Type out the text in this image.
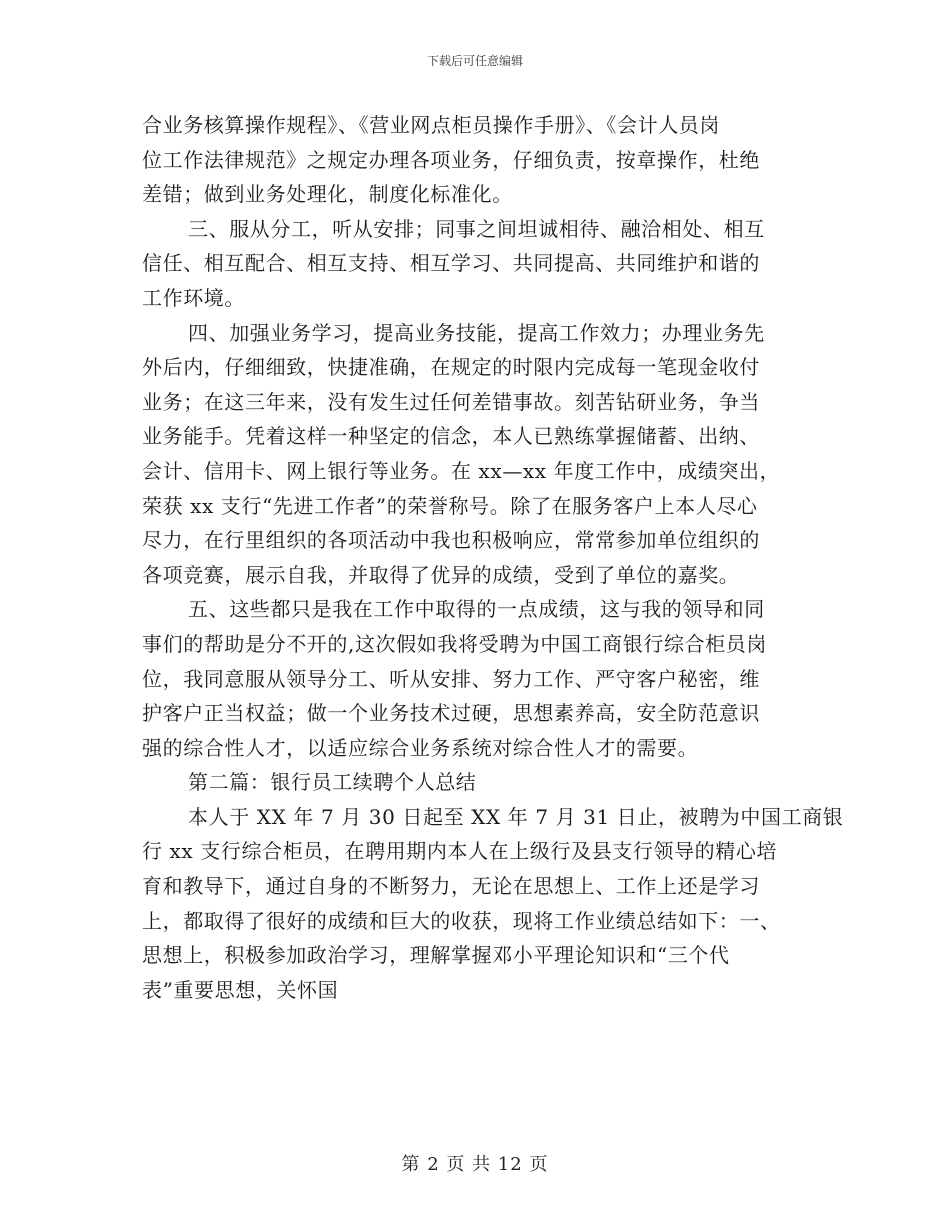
下载后可任意编辑
合业务核算操作规程》、《营业网点柜员操作手册》、《会计人员岗
位工作法律规范》之规定办理各项业务，仔细负责，按章操作，杜绝
差错；做到业务处理化，制度化标准化。
三、服从分工，听从安排；同事之间坦诚相待、融洽相处、相互
信任、相互配合、相互支持、相互学习、共同提高、共同维护和谐的
工作环境。
四、加强业务学习，提高业务技能，提高工作效力；办理业务先
外后内，仔细细致，快捷准确，在规定的时限内完成每一笔现金收付
业务；在这三年来，没有发生过任何差错事故。刻苦钻研业务，争当
业务能手。凭着这样一种坚定的信念，本人已熟练掌握储蓄、出纳、
会计、信用卡、网上银行等业务。在 xx—xx 年度工作中，成绩突出，
荣获 xx 支行“先进工作者”的荣誉称号。除了在服务客户上本人尽心
尽力，在行里组织的各项活动中我也积极响应，常常参加单位组织的
各项竞赛，展示自我，并取得了优异的成绩，受到了单位的嘉奖。
五、这些都只是我在工作中取得的一点成绩，这与我的领导和同
事们的帮助是分不开的,这次假如我将受聘为中国工商银行综合柜员岗
位，我同意服从领导分工、听从安排、努力工作、严守客户秘密，维
护客户正当权益；做一个业务技术过硬，思想素养高，安全防范意识
强的综合性人才，以适应综合业务系统对综合性人才的需要。
第二篇：银行员工续聘个人总结
本人于 XX 年 7 月 30 日起至 XX 年 7 月 31 日止，被聘为中国工商银
行 xx 支行综合柜员，在聘用期内本人在上级行及县支行领导的精心培
育和教导下，通过自身的不断努力，无论在思想上、工作上还是学习
上，都取得了很好的成绩和巨大的收获，现将工作业绩总结如下：一、
思想上，积极参加政治学习，理解掌握邓小平理论知识和“三个代
表”重要思想，关怀国
第 2 页 共 12 页
